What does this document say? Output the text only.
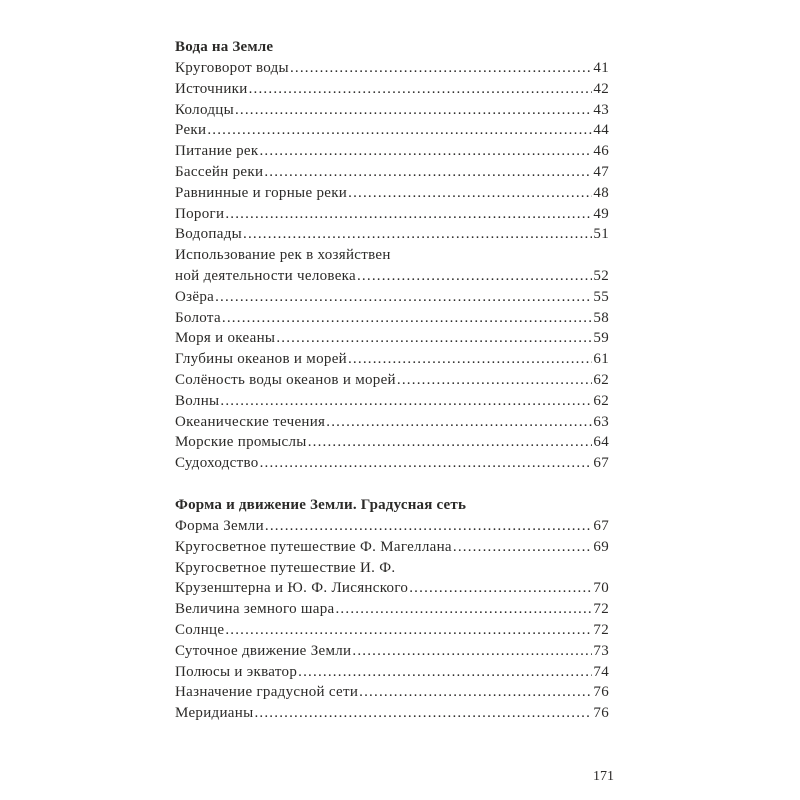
Вода на Земле
Круговорот воды .....	41
Источники .....	42
Колодцы .....	43
Реки .....	44
Питание рек .....	46
Бассейн реки .....	47
Равнинные и горные реки .....	48
Пороги .....	49
Водопады .....	51
Использование рек в хозяйствен
ной деятельности человека .....	52
Озёра .....	55
Болота .....	58
Моря и океаны .....	59
Глубины океанов и морей .....	61
Солёность воды океанов и морей .....	62
Волны .....	62
Океанические течения .....	63
Морские промыслы .....	64
Судоходство .....	67
Форма и движение Земли. Градусная сеть
Форма Земли .....	67
Кругосветное путешествие Ф. Магеллана .....	69
Кругосветное путешествие И. Ф.
Крузенштерна и Ю. Ф. Лисянского .....	70
Величина земного шара .....	72
Солнце .....	72
Суточное движение Земли .....	73
Полюсы и экватор .....	74
Назначение градусной сети .....	76
Меридианы .....	76
171
